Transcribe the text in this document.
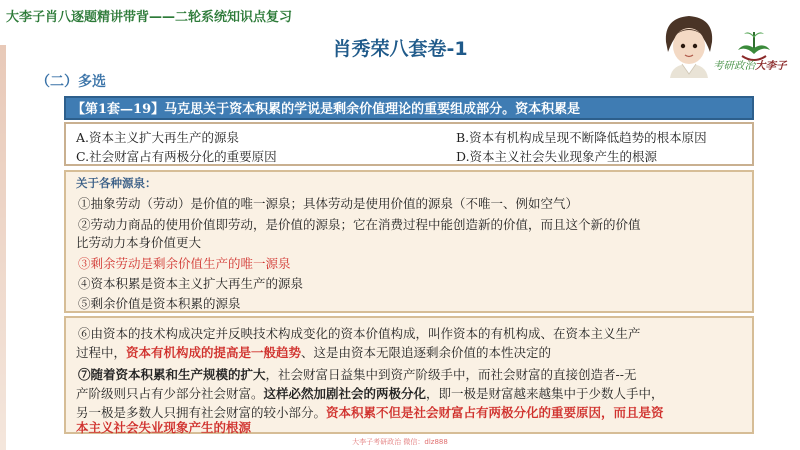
大李子肖八逐题精讲带背——二轮系统知识点复习
肖秀荣八套卷-1
考研政治大李子
（二）多选
【第1套—19】马克思关于资本积累的学说是剩余价值理论的重要组成部分。资本积累是
A.资本主义扩大再生产的源泉	B.资本有机构成呈现不断降低趋势的根本原因
C.社会财富占有两极分化的重要原因	D.资本主义社会失业现象产生的根源
关于各种源泉：
①抽象劳动（劳动）是价值的唯一源泉；具体劳动是使用价值的源泉（不唯一、例如空气）
②劳动力商品的使用价值即劳动，是价值的源泉；它在消费过程中能创造新的价值，而且这个新的价值
比劳动力本身价值更大
③剩余劳动是剩余价值生产的唯一源泉
④资本积累是资本主义扩大再生产的源泉
⑤剩余价值是资本积累的源泉
⑥由资本的技术构成决定并反映技术构成变化的资本价值构成，叫作资本的有机构成、在资本主义生产
过程中，资本有机构成的提高是一般趋势、这是由资本无限追逐剩余价值的本性决定的
⑦随着资本积累和生产规模的扩大，社会财富日益集中到资产阶级手中，而社会财富的直接创造者--无
产阶级则只占有少部分社会财富。这样必然加剧社会的两极分化，即一极是财富越来越集中于少数人手中，
另一极是多数人只拥有社会财富的较小部分。资本积累不但是社会财富占有两极分化的重要原因，而且是资
本主义社会失业现象产生的根源
大李子考研政治 微信：dlz888
